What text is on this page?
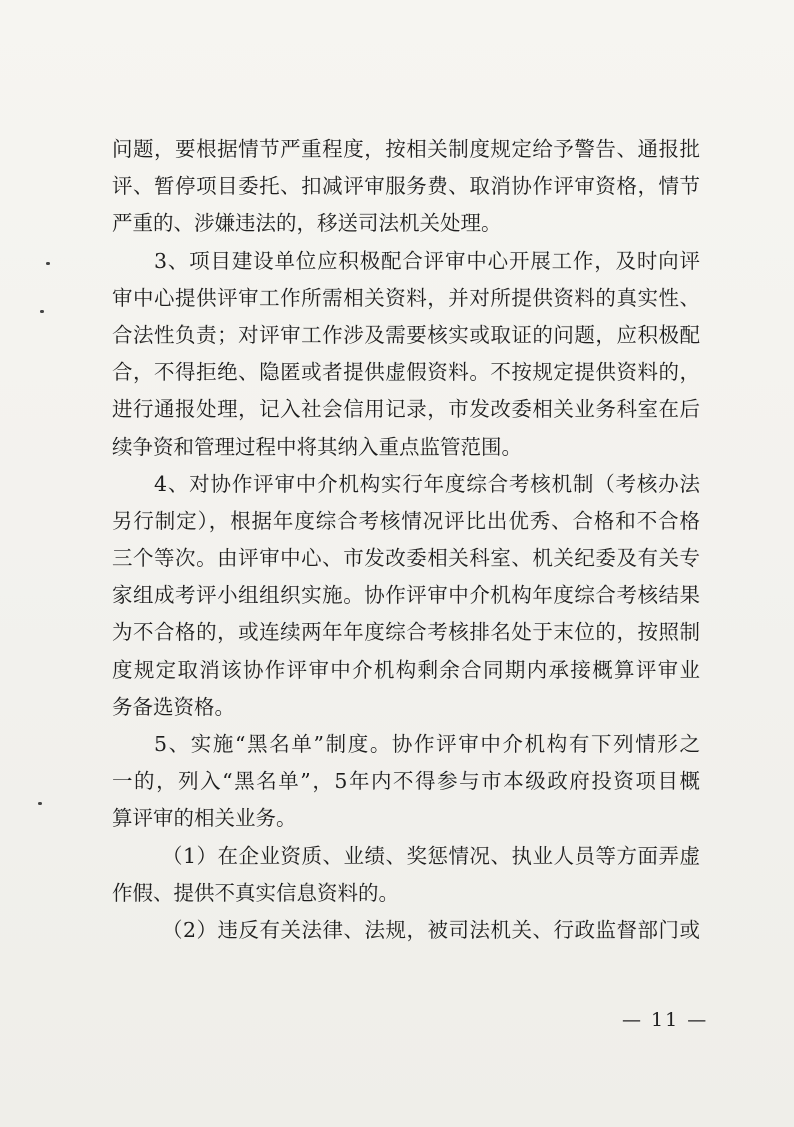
问题，要根据情节严重程度，按相关制度规定给予警告、通报批
评、暂停项目委托、扣减评审服务费、取消协作评审资格，情节
严重的、涉嫌违法的，移送司法机关处理。
3、项目建设单位应积极配合评审中心开展工作，及时向评
审中心提供评审工作所需相关资料，并对所提供资料的真实性、
合法性负责；对评审工作涉及需要核实或取证的问题，应积极配
合，不得拒绝、隐匿或者提供虚假资料。不按规定提供资料的，
进行通报处理，记入社会信用记录，市发改委相关业务科室在后
续争资和管理过程中将其纳入重点监管范围。
4、对协作评审中介机构实行年度综合考核机制（考核办法
另行制定），根据年度综合考核情况评比出优秀、合格和不合格
三个等次。由评审中心、市发改委相关科室、机关纪委及有关专
家组成考评小组组织实施。协作评审中介机构年度综合考核结果
为不合格的，或连续两年年度综合考核排名处于末位的，按照制
度规定取消该协作评审中介机构剩余合同期内承接概算评审业
务备选资格。
5、实施“黑名单”制度。协作评审中介机构有下列情形之
一的，列入“黑名单”，5年内不得参与市本级政府投资项目概
算评审的相关业务。
（1）在企业资质、业绩、奖惩情况、执业人员等方面弄虚
作假、提供不真实信息资料的。
（2）违反有关法律、法规，被司法机关、行政监督部门或
— 11 —
